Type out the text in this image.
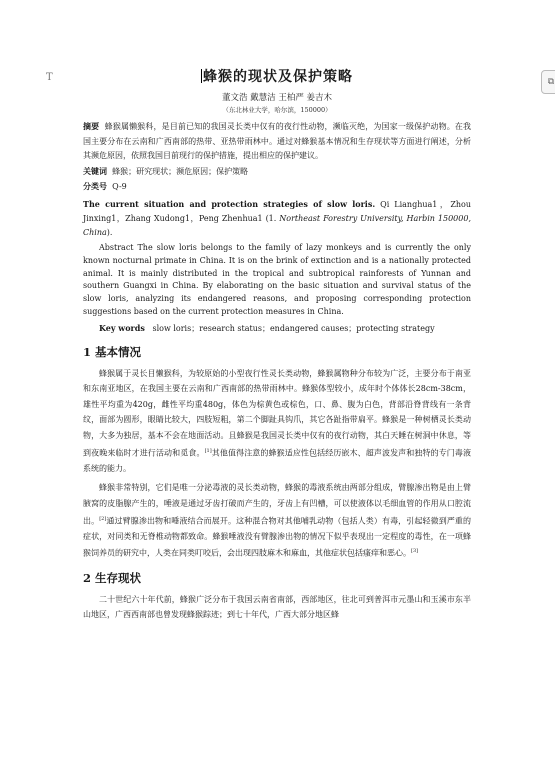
T	⧉
蜂猴的现状及保护策略
董文浩 戴慧洁 王柏严 姜吉木
（东北林业大学，哈尔滨，150000）

摘要 蜂猴属懒猴科，是目前已知的我国灵长类中仅有的夜行性动物，濒临灭绝，为国家一级保护动物。在我国主要分布在云南和广西南部的热带、亚热带雨林中。通过对蜂猴基本情况和生存现状等方面进行阐述，分析其濒危原因，依照我国目前现行的保护措施，提出相应的保护建议。

关键词 蜂猴；研究现状；濒危原因；保护策略

分类号 Q-9

The current situation and protection strategies of slow loris. Qi Lianghua1，Zhou Jinxing1，Zhang Xudong1，Peng Zhenhua1 (1. Northeast Forestry University, Harbin 150000, China).

Abstract The slow loris belongs to the family of lazy monkeys and is currently the only known nocturnal primate in China. It is on the brink of extinction and is a nationally protected animal. It is mainly distributed in the tropical and subtropical rainforests of Yunnan and southern Guangxi in China. By elaborating on the basic situation and survival status of the slow loris, analyzing its endangered reasons, and proposing corresponding protection suggestions based on the current protection measures in China.

Key words slow loris；research status；endangered causes；protecting strategy

1 基本情况

蜂猴属于灵长目懒猴科，为较原始的小型夜行性灵长类动物，蜂猴属物种分布较为广泛，主要分布于南亚和东南亚地区，在我国主要在云南和广西南部的热带雨林中。蜂猴体型较小，成年时个体体长28cm-38cm，雄性平均重为420g，雌性平均重480g，体色为棕黄色或棕色，口、鼻、腹为白色，背部沿脊背线有一条背纹，面部为圆形，眼睛比较大，四肢短粗，第二个脚趾具钩爪，其它各趾指带扁平。蜂猴是一种树栖灵长类动物，大多为独居，基本不会在地面活动。且蜂猴是我国灵长类中仅有的夜行动物，其白天睡在树洞中休息，等到夜晚来临时才进行活动和觅食。[1]其他值得注意的蜂猴适应性包括经历嵌木、超声波发声和独特的专门毒液系统的能力。

蜂猴非常特别，它们是唯一分泌毒液的灵长类动物，蜂猴的毒液系统由两部分组成，臂腺渗出物是由上臂腋窝的皮脂腺产生的，唾液是通过牙齿打破而产生的，牙齿上有凹槽，可以使液体以毛细血管的作用从口腔流出。[2]通过臂腺渗出物和唾液结合而展开。这种混合物对其他哺乳动物（包括人类）有毒，引起轻微到严重的症状，对同类和无脊椎动物都致命。蜂猴唾液没有臂腺渗出物的情况下似乎表现出一定程度的毒性，在一项蜂猴饲养员的研究中，人类在同类叮咬后，会出现四肢麻木和麻血，其他症状包括瘙痒和恶心。[3]

2 生存现状

二十世纪六十年代前，蜂猴广泛分布于我国云南省南部，西部地区，往北可到普洱市元墨山和玉溪市东半山地区，广西西南部也曾发现蜂猴踪迹；到七十年代，广西大部分地区蜂
